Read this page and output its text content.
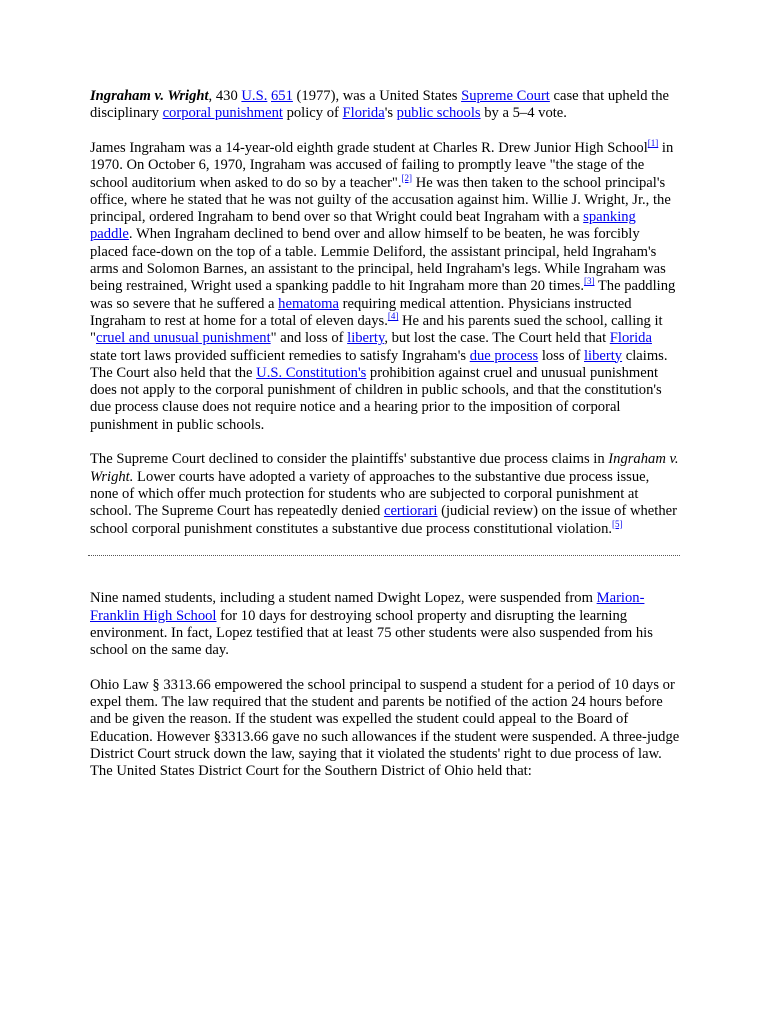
Ingraham v. Wright, 430 U.S. 651 (1977), was a United States Supreme Court case that upheld the disciplinary corporal punishment policy of Florida's public schools by a 5–4 vote.

James Ingraham was a 14-year-old eighth grade student at Charles R. Drew Junior High School[1] in 1970. On October 6, 1970, Ingraham was accused of failing to promptly leave "the stage of the school auditorium when asked to do so by a teacher".[2] He was then taken to the school principal's office, where he stated that he was not guilty of the accusation against him. Willie J. Wright, Jr., the principal, ordered Ingraham to bend over so that Wright could beat Ingraham with a spanking paddle. When Ingraham declined to bend over and allow himself to be beaten, he was forcibly placed face-down on the top of a table. Lemmie Deliford, the assistant principal, held Ingraham's arms and Solomon Barnes, an assistant to the principal, held Ingraham's legs. While Ingraham was being restrained, Wright used a spanking paddle to hit Ingraham more than 20 times.[3] The paddling was so severe that he suffered a hematoma requiring medical attention. Physicians instructed Ingraham to rest at home for a total of eleven days.[4] He and his parents sued the school, calling it "cruel and unusual punishment" and loss of liberty, but lost the case. The Court held that Florida state tort laws provided sufficient remedies to satisfy Ingraham's due process loss of liberty claims. The Court also held that the U.S. Constitution's prohibition against cruel and unusual punishment does not apply to the corporal punishment of children in public schools, and that the constitution's due process clause does not require notice and a hearing prior to the imposition of corporal punishment in public schools.

The Supreme Court declined to consider the plaintiffs' substantive due process claims in Ingraham v. Wright. Lower courts have adopted a variety of approaches to the substantive due process issue, none of which offer much protection for students who are subjected to corporal punishment at school. The Supreme Court has repeatedly denied certiorari (judicial review) on the issue of whether school corporal punishment constitutes a substantive due process constitutional violation.[5]

Nine named students, including a student named Dwight Lopez, were suspended from Marion-Franklin High School for 10 days for destroying school property and disrupting the learning environment. In fact, Lopez testified that at least 75 other students were also suspended from his school on the same day.

Ohio Law § 3313.66 empowered the school principal to suspend a student for a period of 10 days or expel them. The law required that the student and parents be notified of the action 24 hours before and be given the reason. If the student was expelled the student could appeal to the Board of Education. However §3313.66 gave no such allowances if the student were suspended. A three-judge District Court struck down the law, saying that it violated the students' right to due process of law. The United States District Court for the Southern District of Ohio held that:
